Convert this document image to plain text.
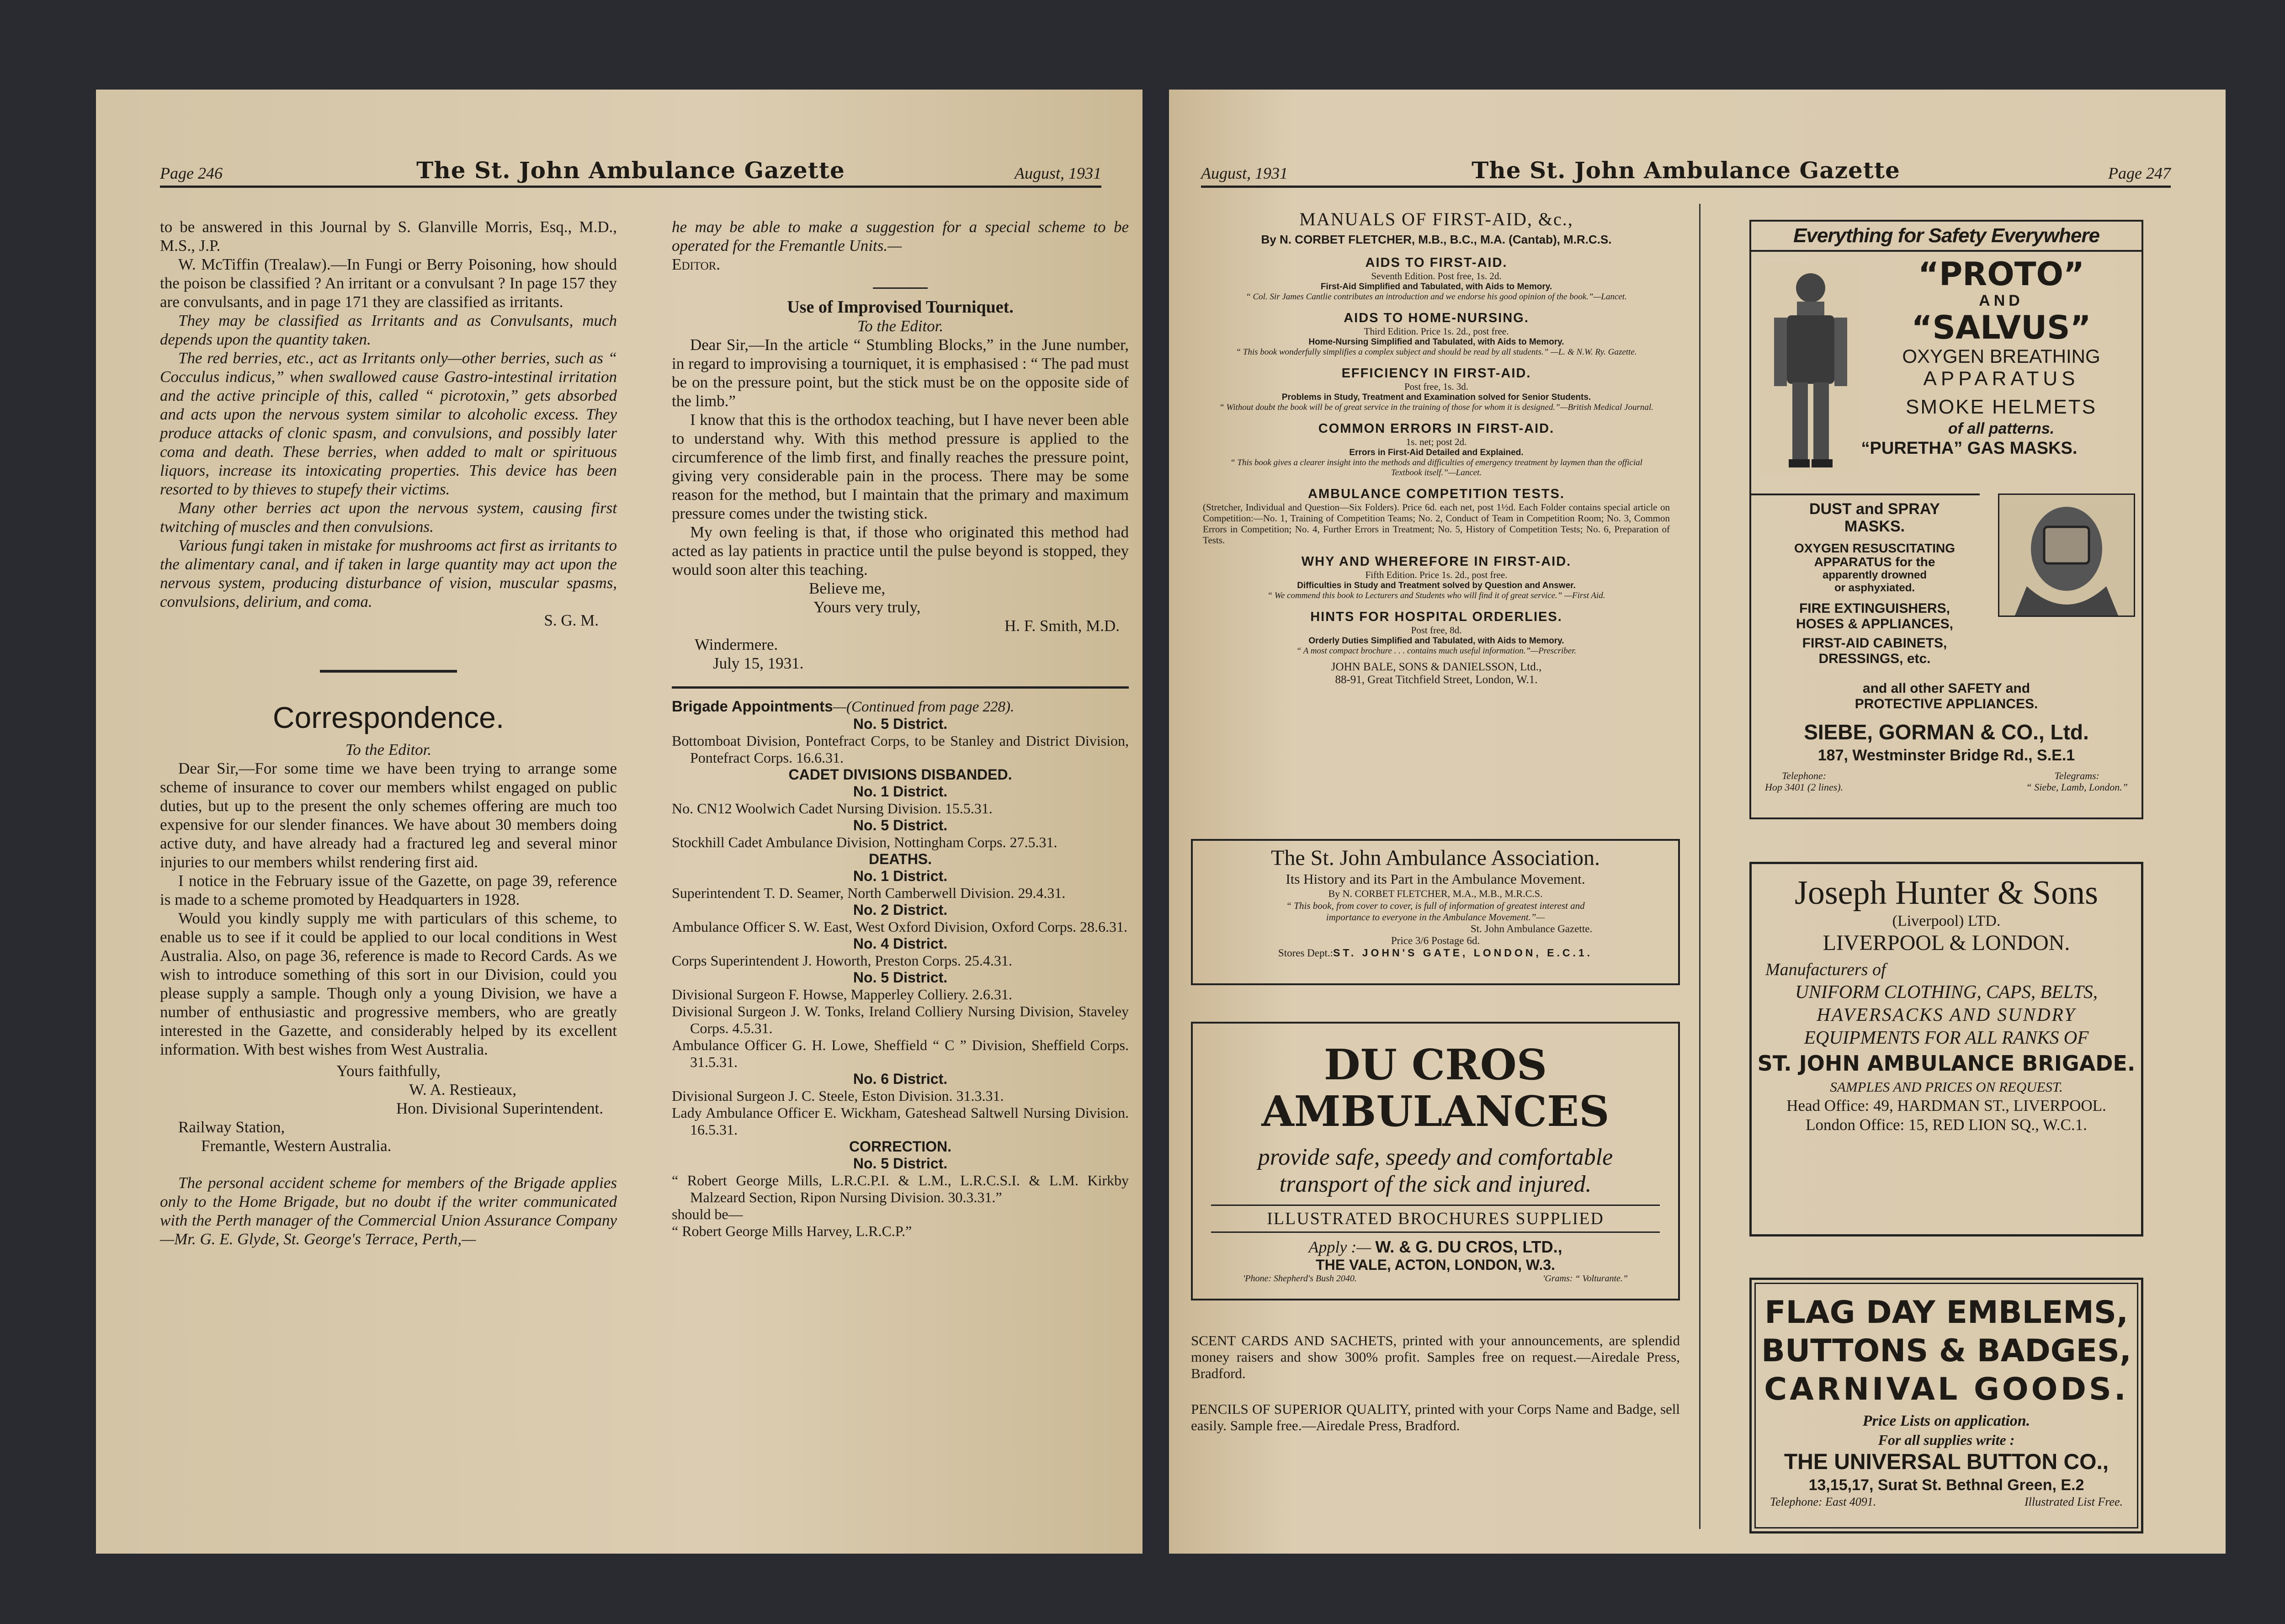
Page 246	The St. John Ambulance Gazette	August, 1931

to be answered in this Journal by S. Glanville Morris, Esq., M.D., M.S., J.P.

W. McTiffin (Trealaw).—In Fungi or Berry Poisoning, how should the poison be classified ? An irritant or a convulsant ? In page 157 they are convulsants, and in page 171 they are classified as irritants.

They may be classified as Irritants and as Convulsants, much depends upon the quantity taken.

The red berries, etc., act as Irritants only—other berries, such as “ Cocculus indicus,” when swallowed cause Gastro-intestinal irritation and the active principle of this, called “ picrotoxin,” gets absorbed and acts upon the nervous system similar to alcoholic excess. They produce attacks of clonic spasm, and convulsions, and possibly later coma and death. These berries, when added to malt or spirituous liquors, increase its intoxicating properties. This device has been resorted to by thieves to stupefy their victims.

Many other berries act upon the nervous system, causing first twitching of muscles and then convulsions.

Various fungi taken in mistake for mushrooms act first as irritants to the alimentary canal, and if taken in large quantity may act upon the nervous system, producing disturbance of vision, muscular spasms, convulsions, delirium, and coma.

S. G. M.

Correspondence.

To the Editor.

Dear Sir,—For some time we have been trying to arrange some scheme of insurance to cover our members whilst engaged on public duties, but up to the present the only schemes offering are much too expensive for our slender finances. We have about 30 members doing active duty, and have already had a fractured leg and several minor injuries to our members whilst rendering first aid.

I notice in the February issue of the Gazette, on page 39, reference is made to a scheme promoted by Headquarters in 1928.

Would you kindly supply me with particulars of this scheme, to enable us to see if it could be applied to our local conditions in West Australia. Also, on page 36, reference is made to Record Cards. As we wish to introduce something of this sort in our Division, could you please supply a sample. Though only a young Division, we have a number of enthusiastic and progressive members, who are greatly interested in the Gazette, and considerably helped by its excellent information. With best wishes from West Australia.

Yours faithfully,

W. A. Restieaux,

Hon. Divisional Superintendent.

Railway Station,

Fremantle, Western Australia.

The personal accident scheme for members of the Brigade applies only to the Home Brigade, but no doubt if the writer communicated with the Perth manager of the Commercial Union Assurance Company—Mr. G. E. Glyde, St. George's Terrace, Perth,—

he may be able to make a suggestion for a special scheme to be operated for the Fremantle Units.—

Editor.

Use of Improvised Tourniquet.

To the Editor.

Dear Sir,—In the article “ Stumbling Blocks,” in the June number, in regard to improvising a tourniquet, it is emphasised : “ The pad must be on the pressure point, but the stick must be on the opposite side of the limb.”

I know that this is the orthodox teaching, but I have never been able to understand why. With this method pressure is applied to the circumference of the limb first, and finally reaches the pressure point, giving very considerable pain in the process. There may be some reason for the method, but I maintain that the primary and maximum pressure comes under the twisting stick.

My own feeling is that, if those who originated this method had acted as lay patients in practice until the pulse beyond is stopped, they would soon alter this teaching.

Believe me,

Yours very truly,

H. F. Smith, M.D.

Windermere.

July 15, 1931.

Brigade Appointments—(Continued from page 228).

No. 5 District.
Bottomboat Division, Pontefract Corps, to be Stanley and District Division, Pontefract Corps. 16.6.31.
CADET DIVISIONS DISBANDED.
No. 1 District.
No. CN12 Woolwich Cadet Nursing Division. 15.5.31.
No. 5 District.
Stockhill Cadet Ambulance Division, Nottingham Corps. 27.5.31.
DEATHS.
No. 1 District.
Superintendent T. D. Seamer, North Camberwell Division. 29.4.31.
No. 2 District.
Ambulance Officer S. W. East, West Oxford Division, Oxford Corps. 28.6.31.
No. 4 District.
Corps Superintendent J. Howorth, Preston Corps. 25.4.31.
No. 5 District.
Divisional Surgeon F. Howse, Mapperley Colliery. 2.6.31.
Divisional Surgeon J. W. Tonks, Ireland Colliery Nursing Division, Staveley Corps. 4.5.31.
Ambulance Officer G. H. Lowe, Sheffield “ C ” Division, Sheffield Corps. 31.5.31.
No. 6 District.
Divisional Surgeon J. C. Steele, Eston Division. 31.3.31.
Lady Ambulance Officer E. Wickham, Gateshead Saltwell Nursing Division. 16.5.31.
CORRECTION.
No. 5 District.
“ Robert George Mills, L.R.C.P.I. & L.M., L.R.C.S.I. & L.M. Kirkby Malzeard Section, Ripon Nursing Division. 30.3.31.”
should be—
“ Robert George Mills Harvey, L.R.C.P.”
August, 1931	The St. John Ambulance Gazette	Page 247
MANUALS OF FIRST-AID, &c.,
By N. CORBET FLETCHER, M.B., B.C., M.A. (Cantab), M.R.C.S.
AIDS TO FIRST-AID.
Seventh Edition. Post free, 1s. 2d.
First-Aid Simplified and Tabulated, with Aids to Memory.
“ Col. Sir James Cantlie contributes an introduction and we endorse his good opinion of the book.”—Lancet.
AIDS TO HOME-NURSING.
Third Edition. Price 1s. 2d., post free.
Home-Nursing Simplified and Tabulated, with Aids to Memory.
“ This book wonderfully simplifies a complex subject and should be read by all students.” —L. & N.W. Ry. Gazette.
EFFICIENCY IN FIRST-AID.
Post free, 1s. 3d.
Problems in Study, Treatment and Examination solved for Senior Students.
“ Without doubt the book will be of great service in the training of those for whom it is designed.”—British Medical Journal.
COMMON ERRORS IN FIRST-AID.
1s. net; post 2d.
Errors in First-Aid Detailed and Explained.
“ This book gives a clearer insight into the methods and difficulties of emergency treatment by laymen than the official Textbook itself.”—Lancet.
AMBULANCE COMPETITION TESTS.
(Stretcher, Individual and Question—Six Folders). Price 6d. each net, post 1½d. Each Folder contains special article on Competition:—No. 1, Training of Competition Teams; No. 2, Conduct of Team in Competition Room; No. 3, Common Errors in Competition; No. 4, Further Errors in Treatment; No. 5, History of Competition Tests; No. 6, Preparation of Tests.
WHY AND WHEREFORE IN FIRST-AID.
Fifth Edition. Price 1s. 2d., post free.
Difficulties in Study and Treatment solved by Question and Answer.
“ We commend this book to Lecturers and Students who will find it of great service.” —First Aid.
HINTS FOR HOSPITAL ORDERLIES.
Post free, 8d.
Orderly Duties Simplified and Tabulated, with Aids to Memory.
“ A most compact brochure . . . contains much useful information.”—Prescriber.
JOHN BALE, SONS & DANIELSSON, Ltd.,
88-91, Great Titchfield Street, London, W.1.
The St. John Ambulance Association.
Its History and its Part in the Ambulance Movement.
By N. CORBET FLETCHER, M.A., M.B., M.R.C.S.
“ This book, from cover to cover, is full of information of greatest interest and importance to everyone in the Ambulance Movement.”—
St. John Ambulance Gazette.
Price 3/6 Postage 6d.
Stores Dept.:ST. JOHN'S GATE, LONDON, E.C.1.
DU CROS
AMBULANCES
provide safe, speedy and comfortable
transport of the sick and injured.
ILLUSTRATED BROCHURES SUPPLIED
Apply :— W. & G. DU CROS, LTD.,
THE VALE, ACTON, LONDON, W.3.
'Phone: Shepherd's Bush 2040.	'Grams: “ Volturante.”
SCENT CARDS AND SACHETS, printed with your announcements, are splendid money raisers and show 300% profit. Samples free on request.—Airedale Press, Bradford.
PENCILS OF SUPERIOR QUALITY, printed with your Corps Name and Badge, sell easily. Sample free.—Airedale Press, Bradford.
Everything for Safety Everywhere
“PROTO”
AND
“SALVUS”
OXYGEN BREATHING
APPARATUS
SMOKE HELMETS
of all patterns.
“PURETHA” GAS MASKS.
DUST and SPRAY
MASKS.
OXYGEN RESUSCITATING
APPARATUS for the
apparently drowned
or asphyxiated.
FIRE EXTINGUISHERS,
HOSES & APPLIANCES,
FIRST-AID CABINETS,
DRESSINGS, etc.
and all other SAFETY and
PROTECTIVE APPLIANCES.
SIEBE, GORMAN & CO., Ltd.
187, Westminster Bridge Rd., S.E.1
Telephone:
Hop 3401 (2 lines).
Telegrams:
“ Siebe, Lamb, London.”
Joseph Hunter & Sons
(Liverpool) LTD.
LIVERPOOL & LONDON.
Manufacturers of
UNIFORM CLOTHING, CAPS, BELTS,
HAVERSACKS AND SUNDRY
EQUIPMENTS FOR ALL RANKS OF
ST. JOHN AMBULANCE BRIGADE.
SAMPLES AND PRICES ON REQUEST.
Head Office: 49, HARDMAN ST., LIVERPOOL.
London Office: 15, RED LION SQ., W.C.1.
FLAG DAY EMBLEMS,
BUTTONS & BADGES,
CARNIVAL GOODS.
Price Lists on application.
For all supplies write :
THE UNIVERSAL BUTTON CO.,
13,15,17, Surat St. Bethnal Green, E.2
Telephone: East 4091.	Illustrated List Free.
